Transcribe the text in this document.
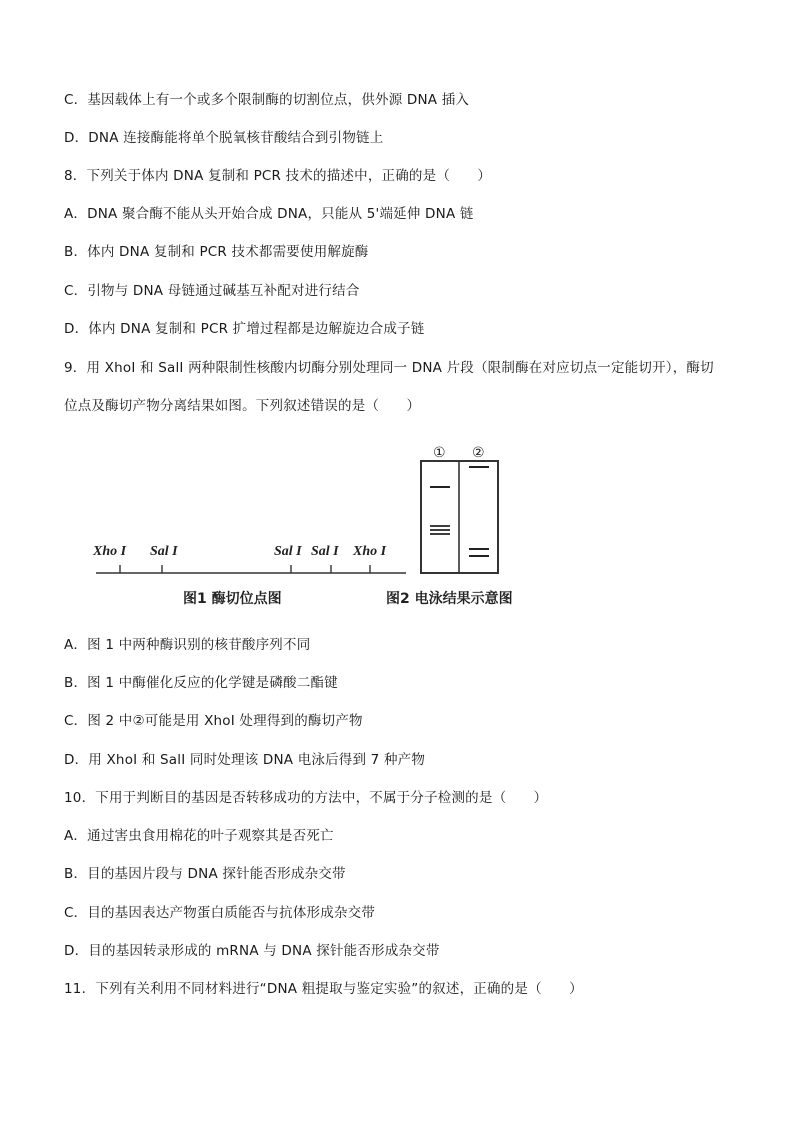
C．基因载体上有一个或多个限制酶的切割位点，供外源 DNA 插入
D．DNA 连接酶能将单个脱氧核苷酸结合到引物链上
8．下列关于体内 DNA 复制和 PCR 技术的描述中，正确的是（　　）
A．DNA 聚合酶不能从头开始合成 DNA，只能从 5'端延伸 DNA 链
B．体内 DNA 复制和 PCR 技术都需要使用解旋酶
C．引物与 DNA 母链通过碱基互补配对进行结合
D．体内 DNA 复制和 PCR 扩增过程都是边解旋边合成子链
9．用 XhoI 和 SalI 两种限制性核酸内切酶分别处理同一 DNA 片段（限制酶在对应切点一定能切开），酶切
位点及酶切产物分离结果如图。下列叙述错误的是（　　）
Xho I Sal I	Sal I Sal I Xho I
图1 酶切位点图
① ②
图2 电泳结果示意图
A．图 1 中两种酶识别的核苷酸序列不同
B．图 1 中酶催化反应的化学键是磷酸二酯键
C．图 2 中②可能是用 XhoI 处理得到的酶切产物
D．用 XhoI 和 SalI 同时处理该 DNA 电泳后得到 7 种产物
10．下用于判断目的基因是否转移成功的方法中，不属于分子检测的是（　　）
A．通过害虫食用棉花的叶子观察其是否死亡
B．目的基因片段与 DNA 探针能否形成杂交带
C．目的基因表达产物蛋白质能否与抗体形成杂交带
D．目的基因转录形成的 mRNA 与 DNA 探针能否形成杂交带
11．下列有关利用不同材料进行“DNA 粗提取与鉴定实验”的叙述，正确的是（　　）
